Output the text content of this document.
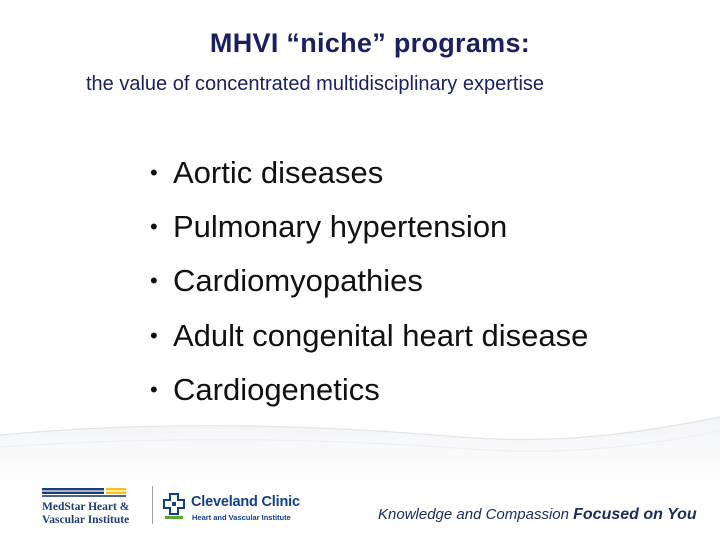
MHVI “niche” programs:
the value of concentrated multidisciplinary expertise
• Aortic diseases
• Pulmonary hypertension
• Cardiomyopathies
• Adult congenital heart disease
• Cardiogenetics
MedStar Heart &
Vascular Institute
Cleveland Clinic
Heart and Vascular Institute	Knowledge and Compassion Focused on You
